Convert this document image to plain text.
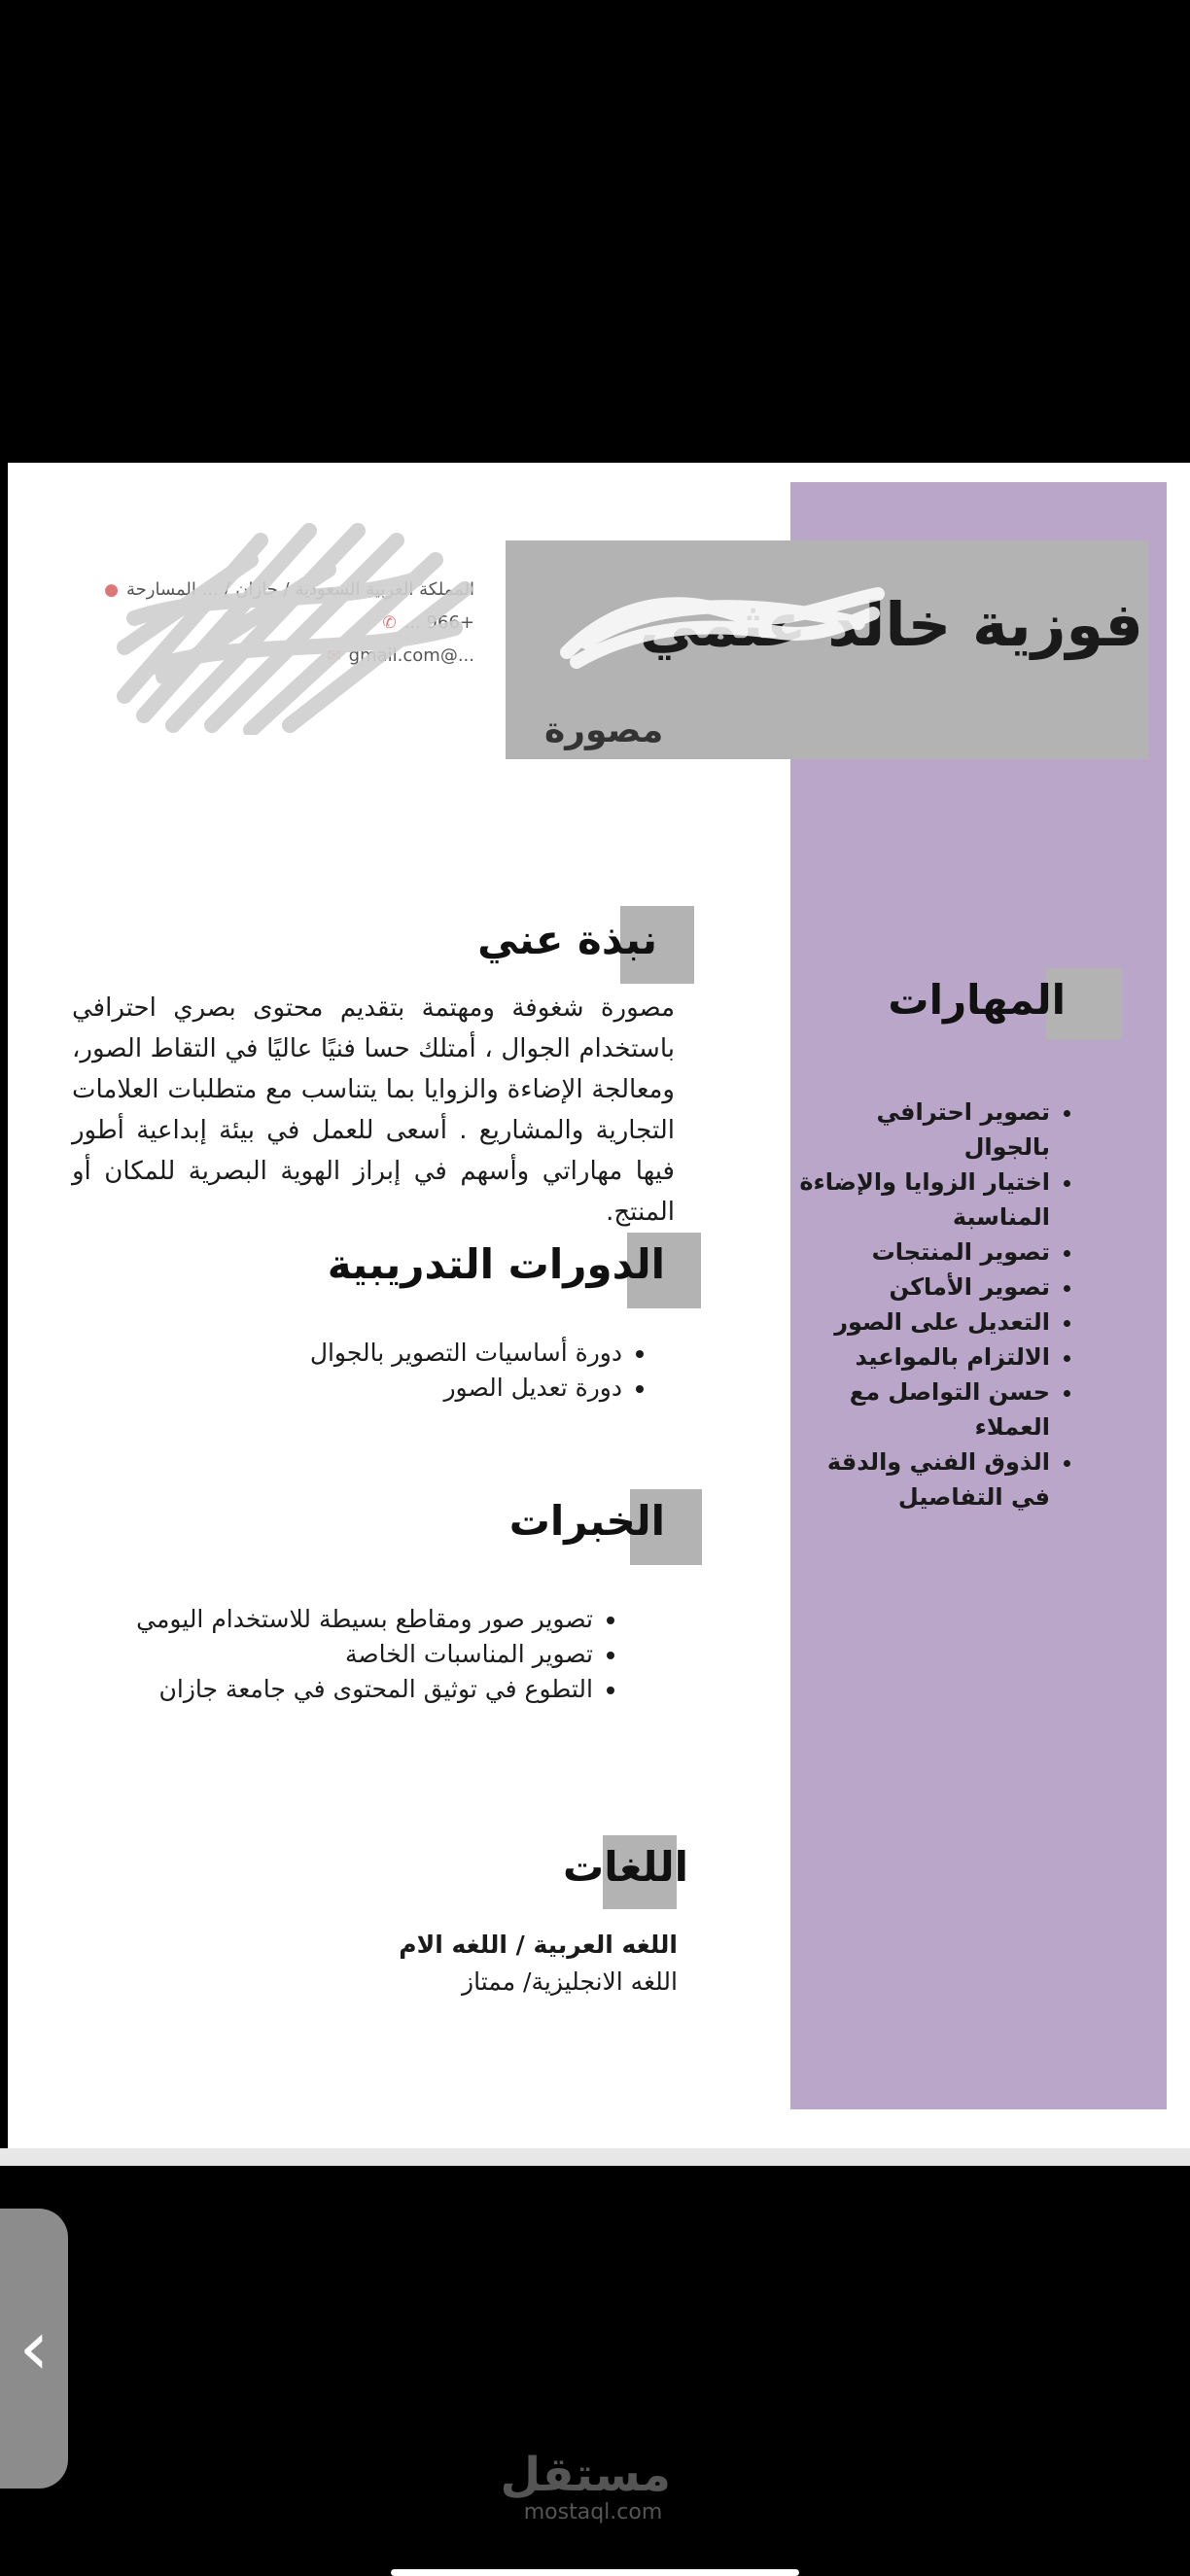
فوزية خالد عثمي
مصورة
المملكة العربية السعودية / جازان / ... المسارحة
●
+966 ...
✆
...@gmail.com
✉
المهارات
• تصوير احترافي بالجوال
• اختيار الزوايا والإضاءة المناسبة
• تصوير المنتجات
• تصوير الأماكن
• التعديل على الصور
• الالتزام بالمواعيد
• حسن التواصل مع العملاء
• الذوق الفني والدقة في التفاصيل
نبذة عني
مصورة شغوفة ومهتمة بتقديم محتوى بصري احترافي باستخدام الجوال ، أمتلك حسا فنيًا عاليًا في التقاط الصور، ومعالجة الإضاءة والزوايا بما يتناسب مع متطلبات العلامات التجارية والمشاريع . أسعى للعمل في بيئة إبداعية أطور فيها مهاراتي وأسهم في إبراز الهوية البصرية للمكان أو المنتج.
الدورات التدريبية
• دورة أساسيات التصوير بالجوال
• دورة تعديل الصور
الخبرات
• تصوير صور ومقاطع بسيطة للاستخدام اليومي
• تصوير المناسبات الخاصة
• التطوع في توثيق المحتوى في جامعة جازان
اللغات
اللغه العربية / اللغه الام
اللغه الانجليزية/ ممتاز
›
مستقل
mostaql.com
